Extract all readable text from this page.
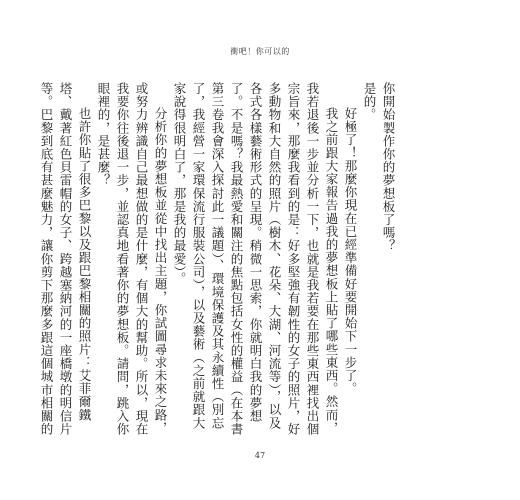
衝吧！你可以的

你開始製作你的夢想板了嗎？

是的。

好極了！那麼你現在已經準備好要開始下一步了。

我之前跟大家報告過我的夢想板上貼了哪些東西。然而，我若退後一步並分析一下，也就是我若要在那些東西裡找出個宗旨來，那麼我看到的是：好多堅強有韌性的女子的照片，好多動物和大自然的照片（樹木、花朵、大湖、河流等），以及各式各樣藝術形式的呈現。稍微一思索，你就明白我的夢想了。不是嗎？我最熱愛和關注的焦點包括女性的權益（在本書第三卷我會深入探討此一議題）、環境保護及其永續性（別忘了，我經營一家環保流行服裝公司），以及藝術（之前就跟大家說得很明白了，那是我的最愛）。

分析你的夢想板並從中找出主題，你試圖尋求未來之路，或努力辨識自己最想做的是什麼，有個大的幫助。所以，現在我要你往後退一步，並認真地看著你的夢想板。請問，跳入你眼裡的，是甚麼？

也許你貼了很多巴黎以及跟巴黎相關的照片：艾菲爾鐵塔、戴著紅色貝雷帽的女子、跨越塞納河的一座橋墩的明信片等。巴黎到底有甚麼魅力，讓你剪下那麼多跟這個城市相關的

47
